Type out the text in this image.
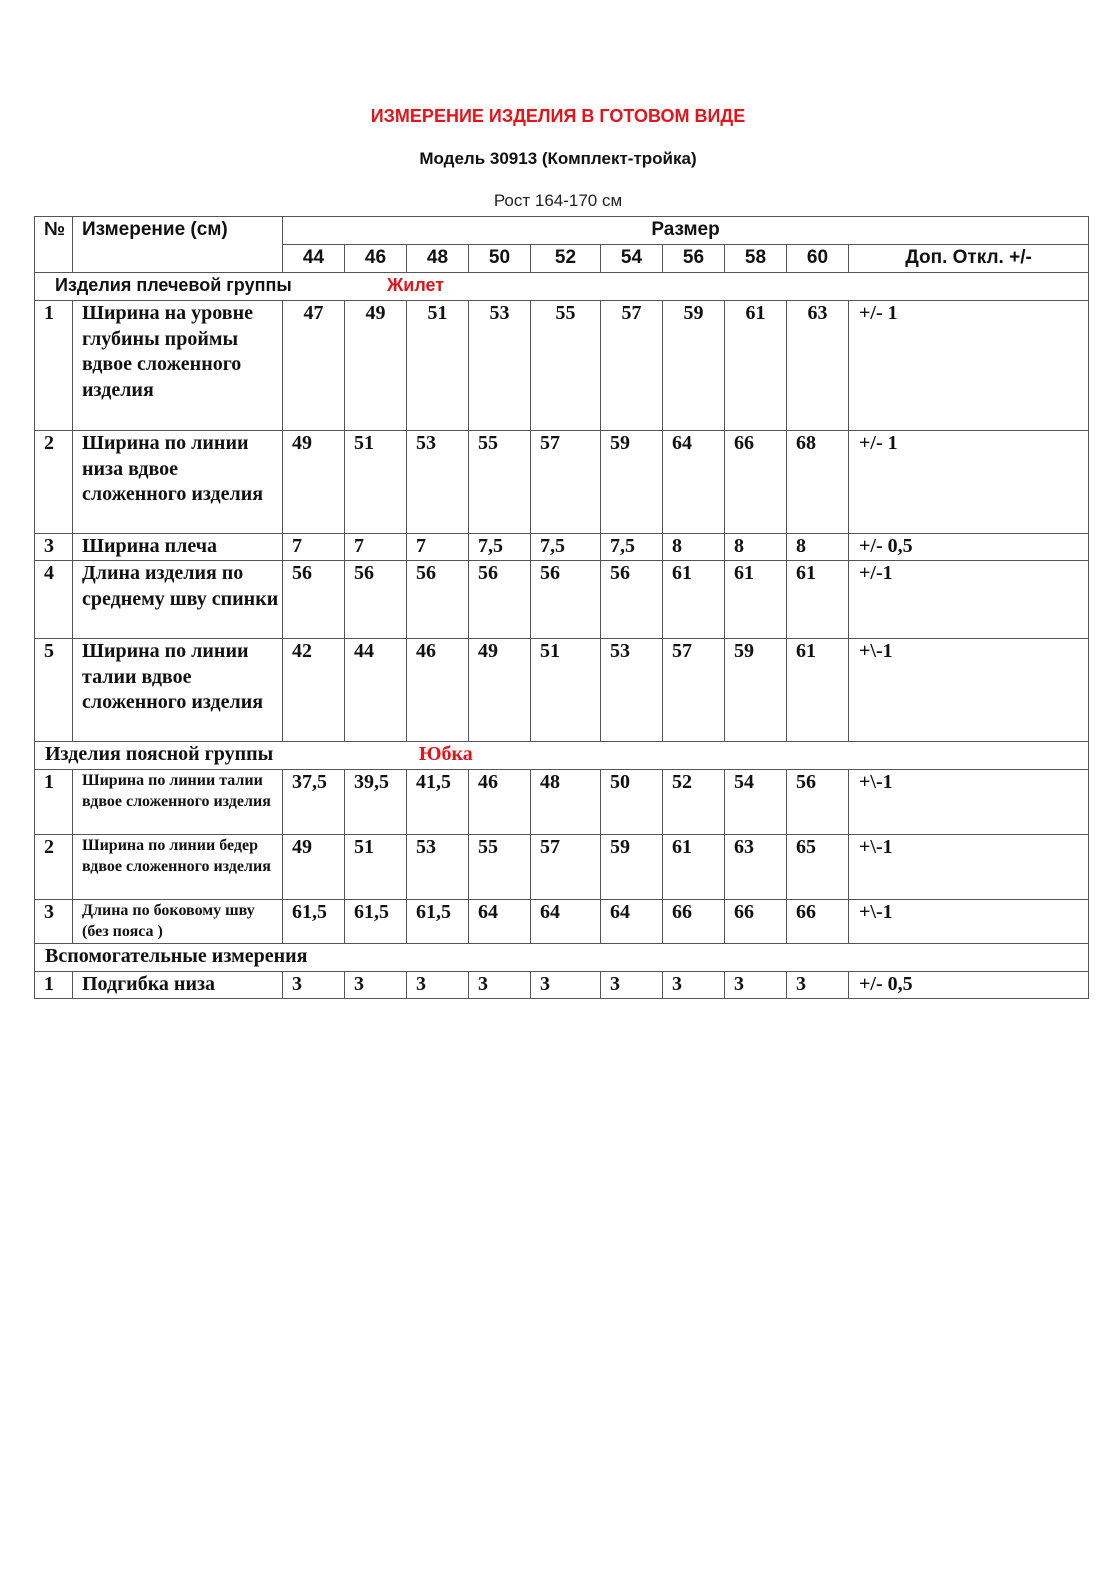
ИЗМЕРЕНИЕ ИЗДЕЛИЯ В ГОТОВОМ ВИДЕ
Модель 30913 (Комплект-тройка)
Рост 164-170 см
№	Измерение (см)	Размер									
		44	46	48	50	52	54	56	58	60	Доп. Откл. +/-
Изделия плечевой группы Жилет											

1	Ширина на уровне глубины проймы вдвое сложенного изделия	47	49	51	53	55	57	59	61	63	+/- 1
2	Ширина по линии низа вдвое сложенного изделия	49	51	53	55	57	59	64	66	68	+/- 1
3	Ширина плеча	7	7	7	7,5	7,5	7,5	8	8	8	+/- 0,5
4	Длина изделия по среднему шву спинки	56	56	56	56	56	56	61	61	61	+/-1
5	Ширина по линии талии вдвое сложенного изделия	42	44	46	49	51	53	57	59	61	+\-1
Изделия поясной группы Юбка											

1	Ширина по линии талии вдвое сложенного изделия	37,5	39,5	41,5	46	48	50	52	54	56	+\-1
2	Ширина по линии бедер вдвое сложенного изделия	49	51	53	55	57	59	61	63	65	+\-1
3	Длина по боковому шву (без пояса )	61,5	61,5	61,5	64	64	64	66	66	66	+\-1
Вспомогательные измерения											
1	Подгибка низа	3	3	3	3	3	3	3	3	3	+/- 0,5
